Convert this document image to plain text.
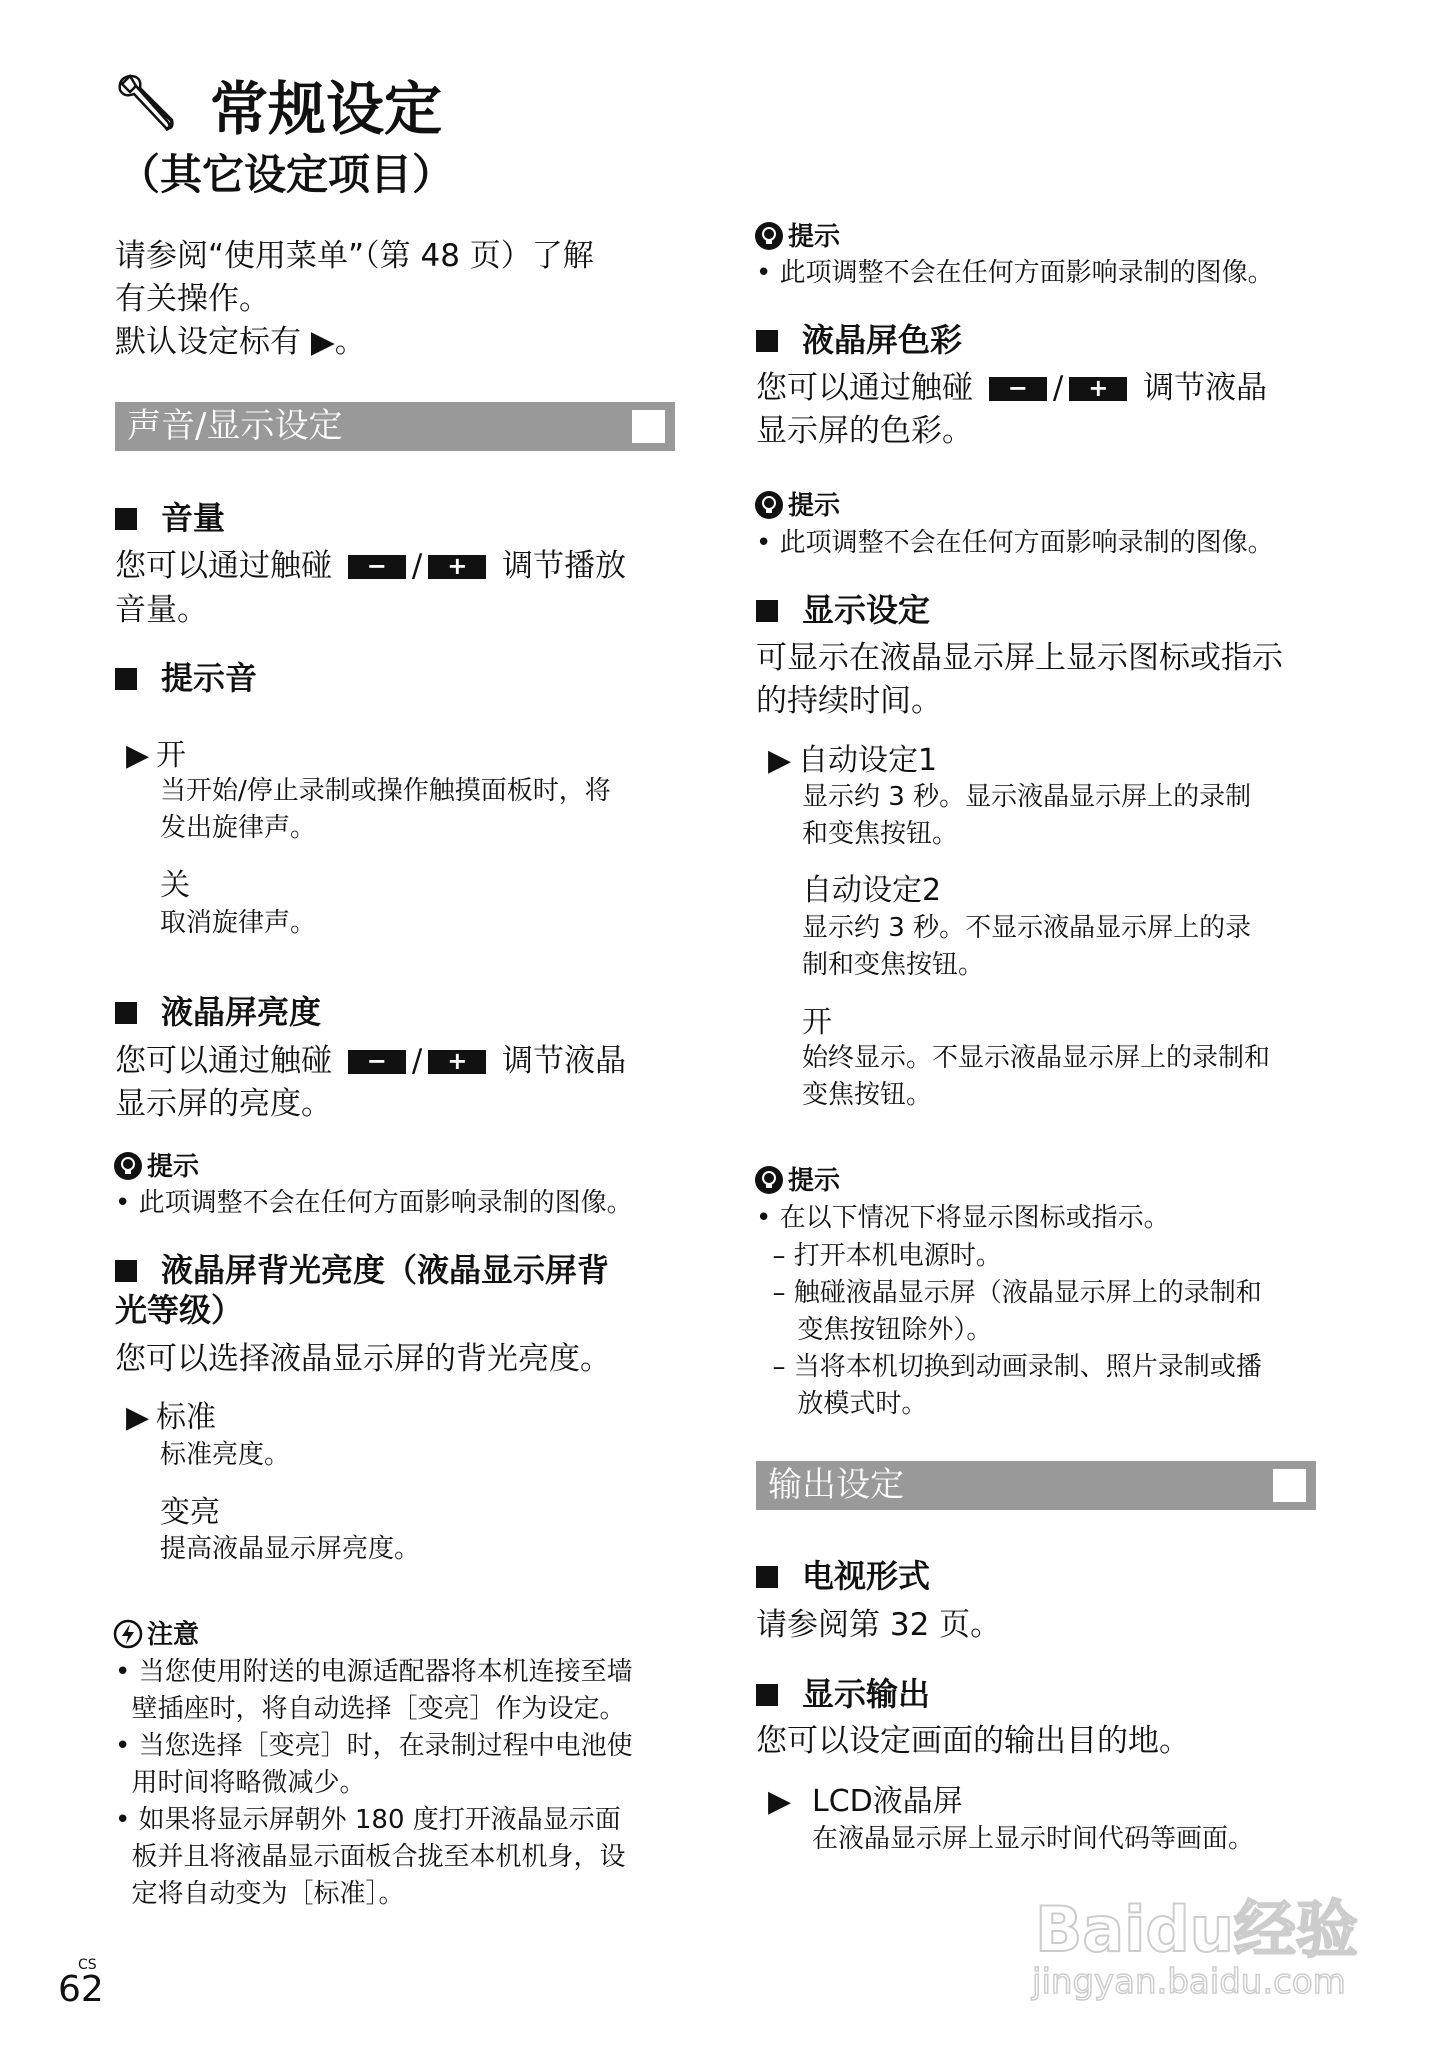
常规设定
（其它设定项目）
请参阅“使用菜单”（第 48 页）了解
有关操作。
默认设定标有 ▶。
声音/显示设定
音量
您可以通过触碰 − / + 调节播放
音量。
提示音
▶ 开
当开始/停止录制或操作触摸面板时，将
发出旋律声。
关
取消旋律声。
液晶屏亮度
您可以通过触碰 − / + 调节液晶
显示屏的亮度。
提示
• 此项调整不会在任何方面影响录制的图像。
液晶屏背光亮度（液晶显示屏背
光等级）
您可以选择液晶显示屏的背光亮度。
▶ 标准
标准亮度。
变亮
提高液晶显示屏亮度。
注意
• 当您使用附送的电源适配器将本机连接至墙
壁插座时，将自动选择［变亮］作为设定。
• 当您选择［变亮］时，在录制过程中电池使
用时间将略微减少。
• 如果将显示屏朝外 180 度打开液晶显示面
板并且将液晶显示面板合拢至本机机身，设
定将自动变为［标准］。
CS
62
提示
• 此项调整不会在任何方面影响录制的图像。
液晶屏色彩
您可以通过触碰 − / + 调节液晶
显示屏的色彩。
提示
• 此项调整不会在任何方面影响录制的图像。
显示设定
可显示在液晶显示屏上显示图标或指示
的持续时间。
▶ 自动设定1
显示约 3 秒。显示液晶显示屏上的录制
和变焦按钮。
自动设定2
显示约 3 秒。不显示液晶显示屏上的录
制和变焦按钮。
开
始终显示。不显示液晶显示屏上的录制和
变焦按钮。
提示
• 在以下情况下将显示图标或指示。
– 打开本机电源时。
– 触碰液晶显示屏（液晶显示屏上的录制和
变焦按钮除外）。
– 当将本机切换到动画录制、照片录制或播
放模式时。
输出设定
电视形式
请参阅第 32 页。
显示输出
您可以设定画面的输出目的地。
▶ LCD液晶屏
在液晶显示屏上显示时间代码等画面。
Baidu经验
jingyan.baidu.com
